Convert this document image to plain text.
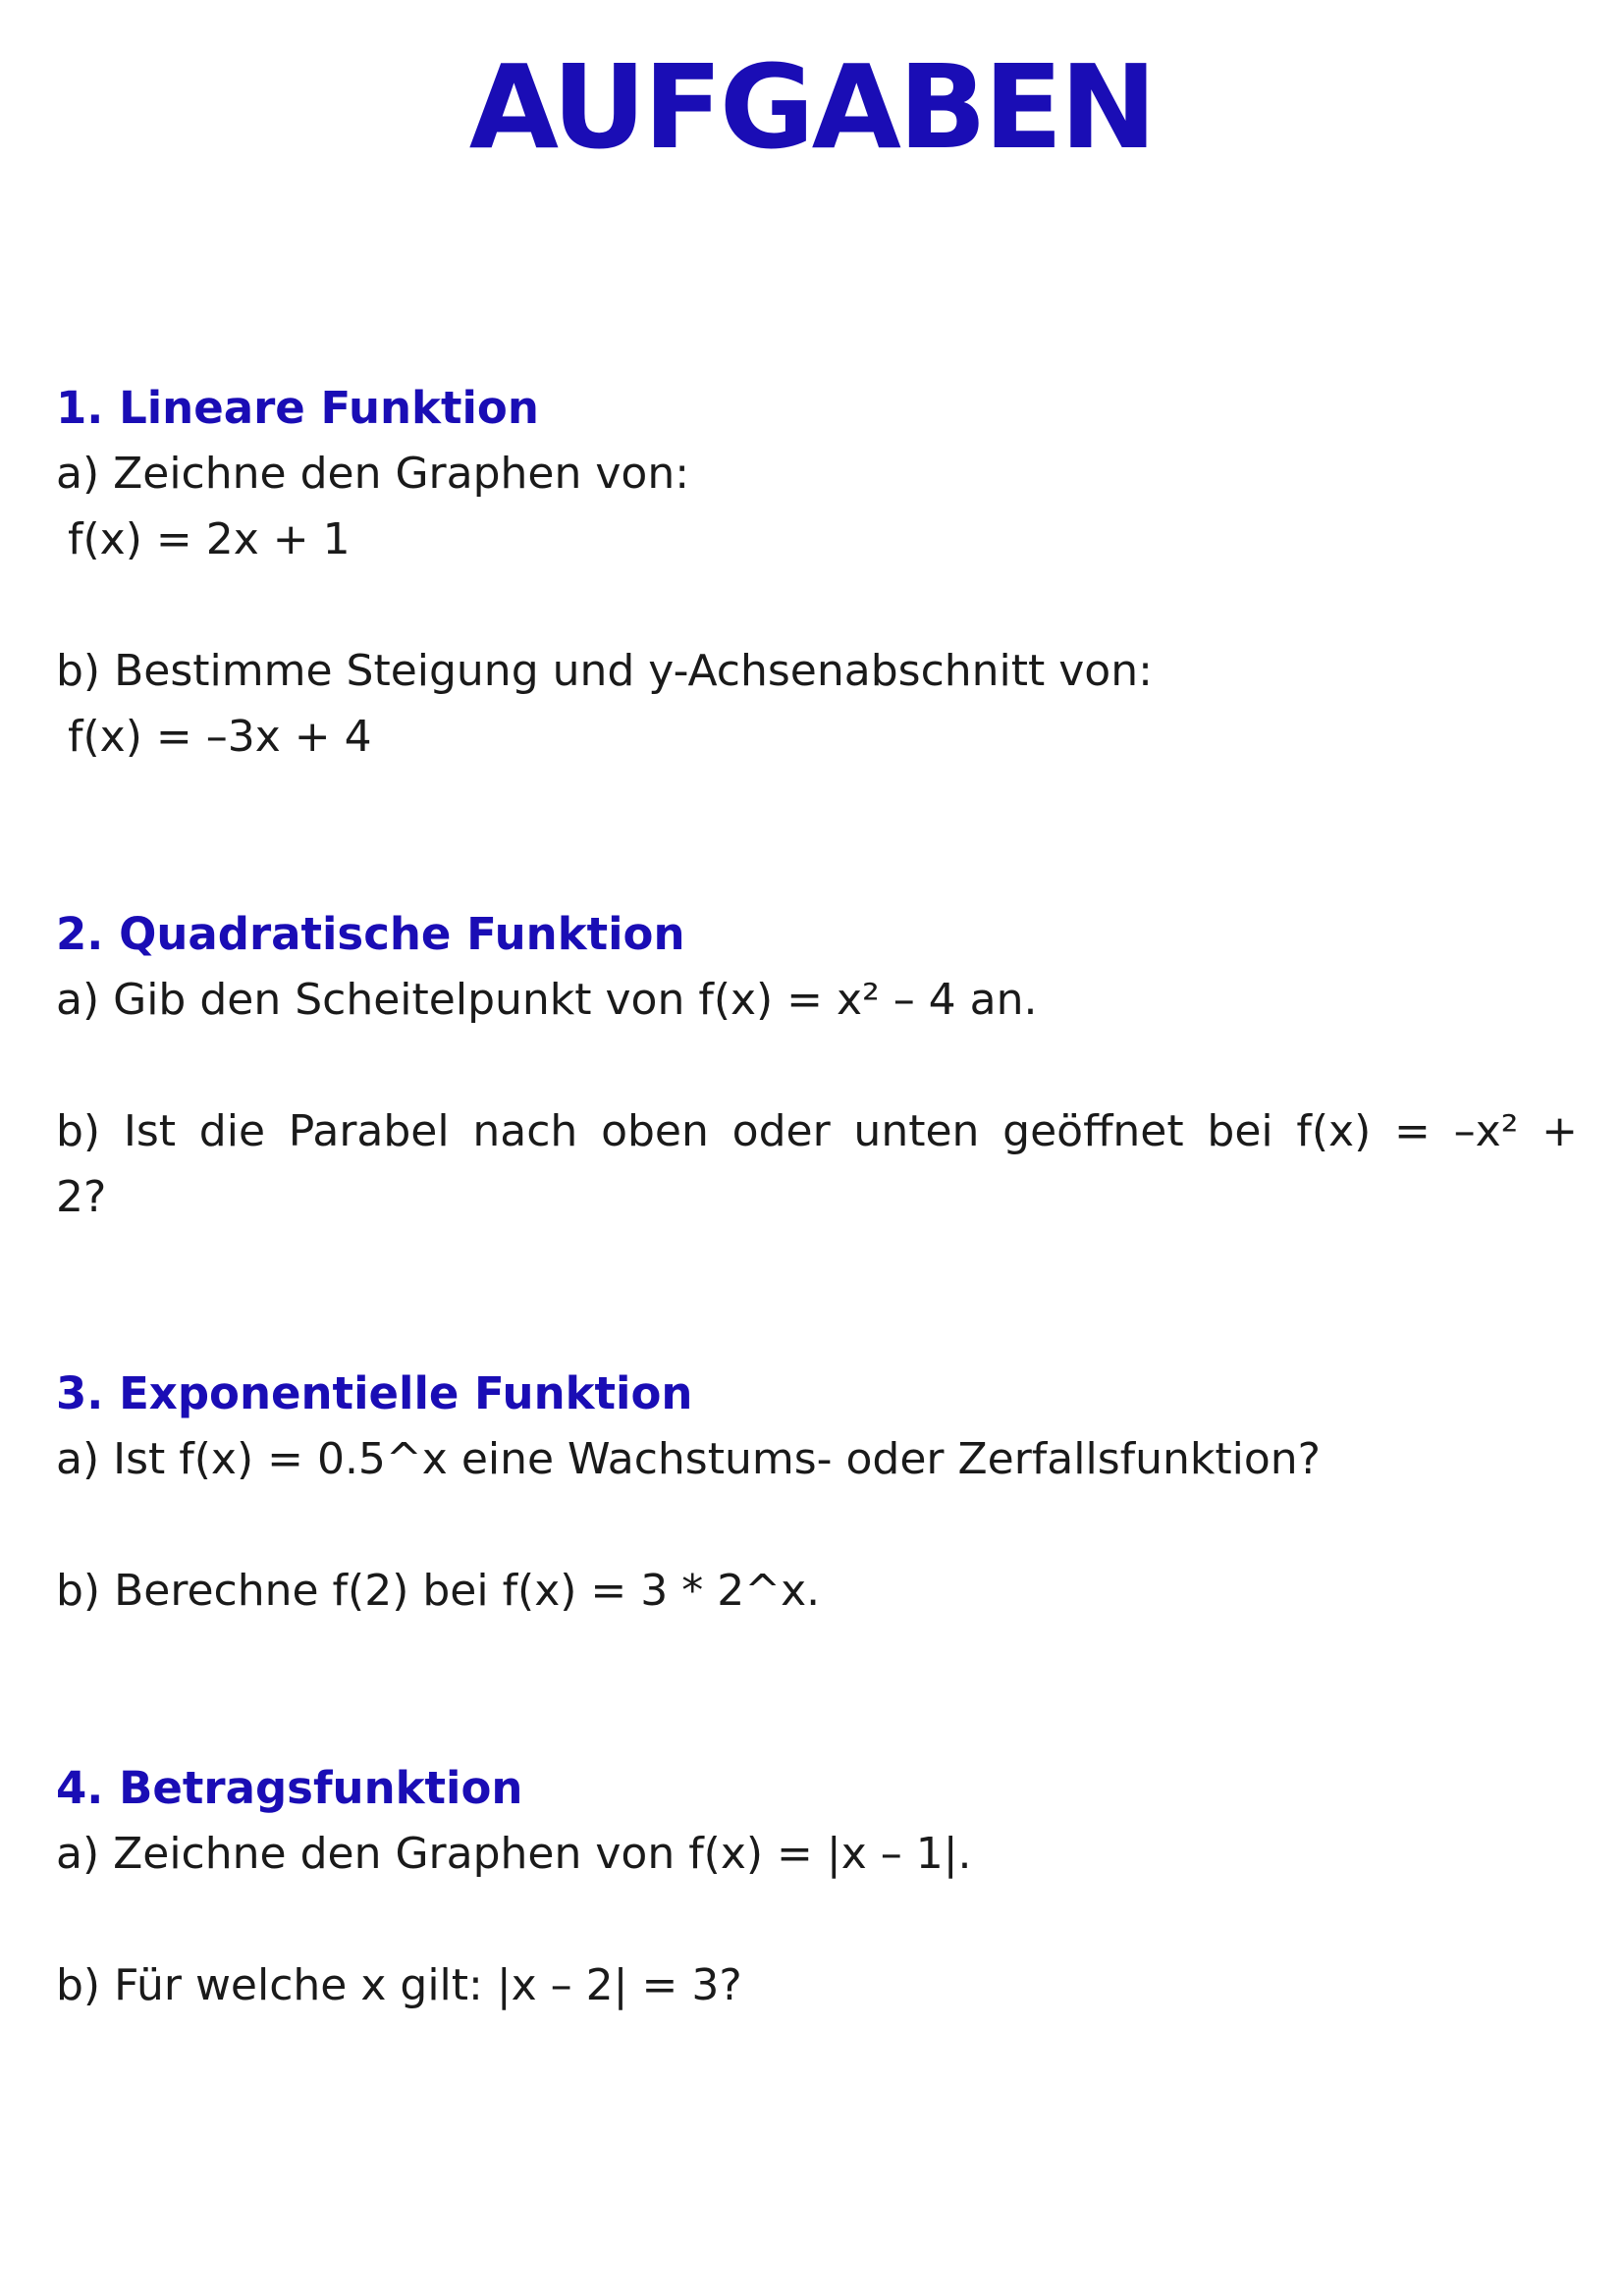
AUFGABEN

1. Lineare Funktion

a) Zeichne den Graphen von:

f(x) = 2x + 1

b) Bestimme Steigung und y-Achsenabschnitt von:

f(x) = –3x + 4

2. Quadratische Funktion

a) Gib den Scheitelpunkt von f(x) = x² – 4 an.

b) Ist die Parabel nach oben oder unten geöffnet bei f(x) = –x² +

2?

3. Exponentielle Funktion

a) Ist f(x) = 0.5^x eine Wachstums- oder Zerfallsfunktion?

b) Berechne f(2) bei f(x) = 3 * 2^x.

4. Betragsfunktion

a) Zeichne den Graphen von f(x) = |x – 1|.

b) Für welche x gilt: |x – 2| = 3?
